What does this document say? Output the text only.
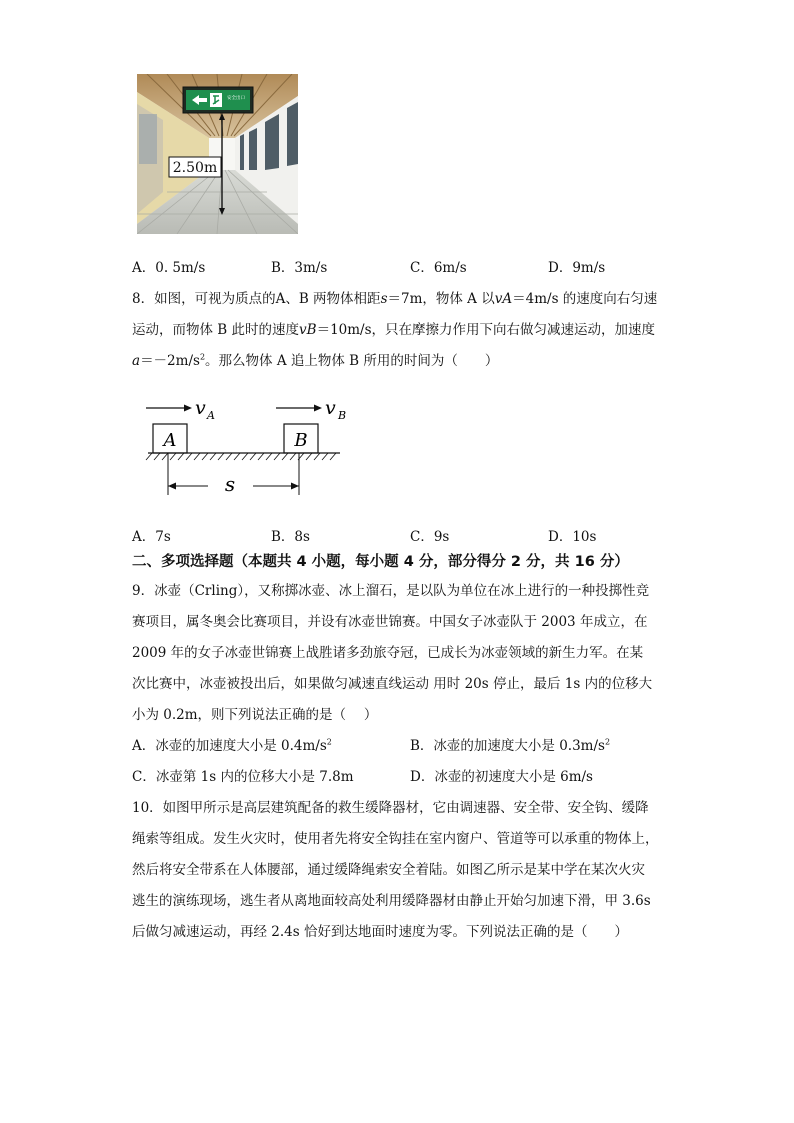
安全出口
2.50m
A．0. 5m/s	B．3m/s	C．6m/s	D．9m/s
8．如图，可视为质点的A、B 两物体相距s＝7m，物体 A 以vA＝4m/s 的速度向右匀速
运动，而物体 B 此时的速度vB＝10m/s，只在摩擦力作用下向右做匀减速运动，加速度
$a=-2m/s^2$。那么物体 A 追上物体 B 所用的时间为（　　）
v A	v B
A	B
s
A．7s	B．8s	C．9s	D．10s
二、多项选择题（本题共 4 小题，每小题 4 分，部分得分 2 分，共 16 分）
9．冰壶（Crling），又称掷冰壶、冰上溜石，是以队为单位在冰上进行的一种投掷性竞
赛项目，属冬奥会比赛项目，并设有冰壶世锦赛。中国女子冰壶队于 2003 年成立，在
2009 年的女子冰壶世锦赛上战胜诸多劲旅夺冠，已成长为冰壶领域的新生力军。在某
次比赛中，冰壶被投出后，如果做匀减速直线运动 用时 20s 停止，最后 1s 内的位移大
小为 0.2m，则下列说法正确的是（　 ）
A．冰壶的加速度大小是 $0.4m/s^2$	B．冰壶的加速度大小是 $0.3m/s^2$
C．冰壶第 1s 内的位移大小是 7.8m	D．冰壶的初速度大小是 6m/s
10．如图甲所示是高层建筑配备的救生缓降器材，它由调速器、安全带、安全钩、缓降
绳索等组成。发生火灾时，使用者先将安全钩挂在室内窗户、管道等可以承重的物体上，
然后将安全带系在人体腰部，通过缓降绳索安全着陆。如图乙所示是某中学在某次火灾
逃生的演练现场，逃生者从离地面较高处利用缓降器材由静止开始匀加速下滑，甲 3.6s
后做匀减速运动，再经 2.4s 恰好到达地面时速度为零。下列说法正确的是（　　）
